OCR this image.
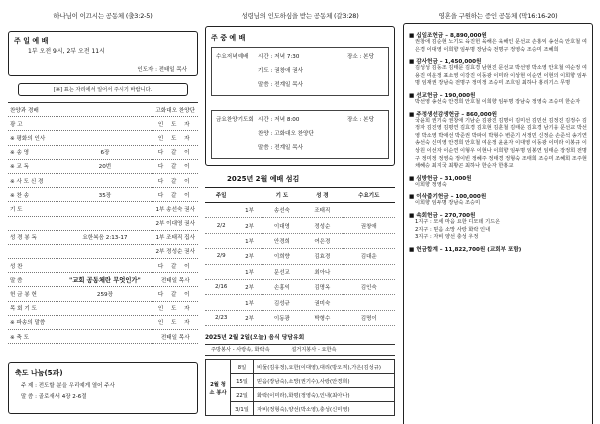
하나님이 이끄시는 공동체 (출3:2-5)
주 일 예 배
1부 오전 9시, 2부 오전 11시
인도자 : 전태일 목사
[※] 표는 자리에서 일어서 주시기 바랍니다.
찬양과 경배		고화대오 찬양단
광 고		인 도 자
※ 평화의 인사		인 도 자
※ 송 영	6장	다 같 이
※ 교 독	20번	다 같 이
※ 사 도 신 경		다 같 이
※ 찬 송	35장	다 같 이
기 도		1부 송선숙 권사
		2부 이대영 권사
성 경 봉 독	요한복음 2:13-17	1부 조태직 집사
		2부 정성순 권사
성 찬		다 같 이
말 씀	"교회 공동체란 무엇인가"	전태일 목사
헌 금 봉 헌	259장	다 같 이
목 회 기 도		인 도 자
※ 파송의 말씀		인 도 자
※ 축 도		전태일 목사
축도 나눔(5과)
주 제 : 전도할 분을 우리예게 열어 주사
말 씀 : 골로새서 4장 2-6절
성령님의 인도하심을 받는 공동체 (갈3:28)
주 중 예 배
수요저녁예배 시간 : 저녁 7:30	장소 : 본당
기도 : 권창애 권사
말씀 : 전계일 목사
금요찬양기도회 시간 : 저녁 8:00	장소 : 본당
찬양 : 고화대오 찬양단
말씀 : 전계일 목사
2025년 2월 예배 섬김
주일		기 도	성 경	수요기도
	1부	송선숙	조태직	
2/2	2부	이대영	정성순	권창애
	1부	안경희	여은경	
2/9	2부	이희향	김효경	김대운
	1부	문선교	최아나	
2/16	2부	손홍익	김명옥	김인숙
	1부	김성규	권미숙	
2/23	2부	이동광	박형수	김명이
2025년 2월 2일(오늘) 음식 당담유회
주방봉사 - 사랑속, 화락속	설거지봉사 - 요한속
2월 청소 봉사	8일	비둘(김유정),요한(이대영),대리(방오직),가은(김성규)
	15일	믿음(장남숙),소망(권기수),사랑(안경희)
	22일	화락(이미라),화평(정영숙),인내(최아나)
	3/1일	자비(정형숙),양선(박소영),충성(신미영)
영혼을 구원하는 증인 공동체 (막16:16-20)
■ 십일조헌금 – 8,890,000원
권창애 김순현 노기도 육진헌 육해은 육해인 문선교 손홍익 송선숙 안호철 여은경 이대영 이희향 임두명 장남숙 전명구 정영숙 조승미 조혜희
■ 감사헌금 – 1,450,000원
김성성 김동조 김태문 김효경 남현진 문선교 박선영 박소영 안호철 여순정 여용진 여운정 표소영 이강진 이동광 이미라 이상현 이순연 이현의 이희향 임두명 임재권 장남숙 전명구 정미정 조승미 조흐임 최하나 홍리기스 무명
■ 선교헌금 – 190,000원
박선영 송선숙 안경희 안호철 이희향 임두명 장남숙 정영숙 조승미 한순자
■ 주정생선감생헌금 – 860,000원
국윤희 권기숙 권창애 기남순 김광진 김명이 김미선 김민선 김정진 김정수 김정자 김진영 김평연 김효경 김호현 김훈철 김태운 김효경 남기웅 문선교 박선영 박소영 박애선 박준권 박파이 박형수 변준기 서정민 신정순 손준석 송기연 송선숙 신미영 안경희 안호철 여운정 윤윤자 이대영 이동광 이미라 이봉규 이상원 이선자 이순연 이형우 이현나 이희향 임두명 임봉연 임태순 장정희 전명구 정미정 정영숙 정이빈 정혜주 정태경 정형숙 조태희 조승미 조혜희 조주현 채혜승 최지국 최황곤 최하나 한순자 한홍교
■ 심방헌금 – 31,000원
이희향 정영숙
■ 이삭줍기헌금 – 100,000원
이희향 임두명 장남숙 조승미
■ 속회헌금 – 270,700원
1지구 : 모세 마음 요한 디모데 기드온
2지구 : 믿음 소망 사랑 화락 인내
3지구 : 자비 양선 충성 우정
■ 헌금합계 – 11,822,700원 (교회부 포함)
